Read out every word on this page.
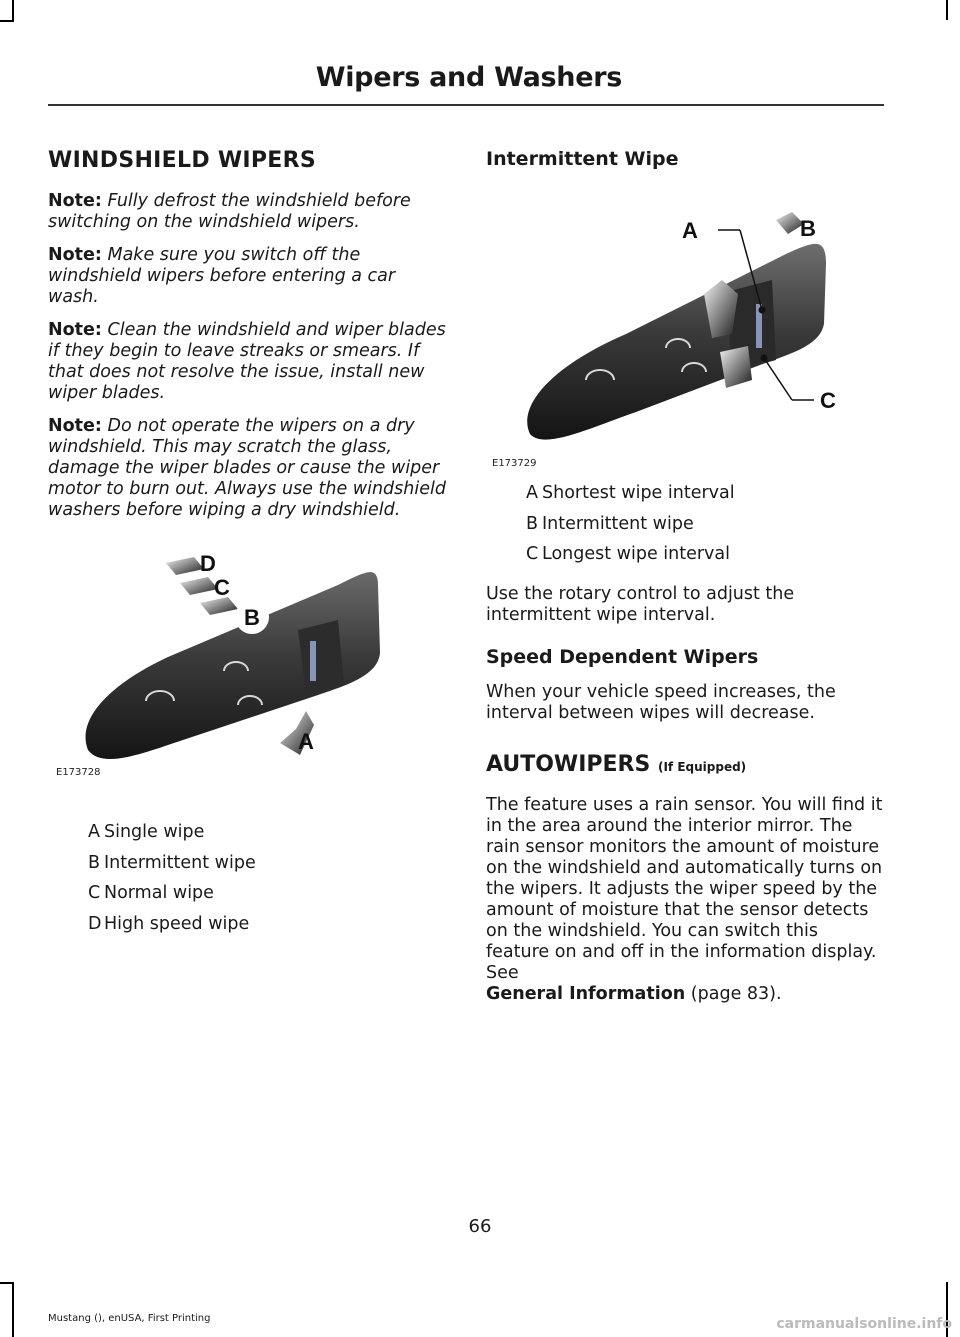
Wipers and Washers
WINDSHIELD WIPERS

Note: Fully defrost the windshield before switching on the windshield wipers.

Note: Make sure you switch off the windshield wipers before entering a car wash.

Note: Clean the windshield and wiper blades if they begin to leave streaks or smears. If that does not resolve the issue, install new wiper blades.

Note: Do not operate the wipers on a dry windshield. This may scratch the glass, damage the wiper blades or cause the wiper motor to burn out. Always use the windshield washers before wiping a dry windshield.

D
C
B
A
E173728
A Single wipe
B Intermittent wipe
C Normal wipe
D High speed wipe
Intermittent Wipe
A	B
C
E173729
A Shortest wipe interval
B Intermittent wipe
C Longest wipe interval

Use the rotary control to adjust the intermittent wipe interval.

Speed Dependent Wipers

When your vehicle speed increases, the interval between wipes will decrease.

AUTOWIPERS (If Equipped)

The feature uses a rain sensor. You will find it in the area around the interior mirror. The rain sensor monitors the amount of moisture on the windshield and automatically turns on the wipers. It adjusts the wiper speed by the amount of moisture that the sensor detects on the windshield. You can switch this feature on and off in the information display. See
General Information (page 83).

66
Mustang (), enUSA, First Printing	carmanualsonline.info
